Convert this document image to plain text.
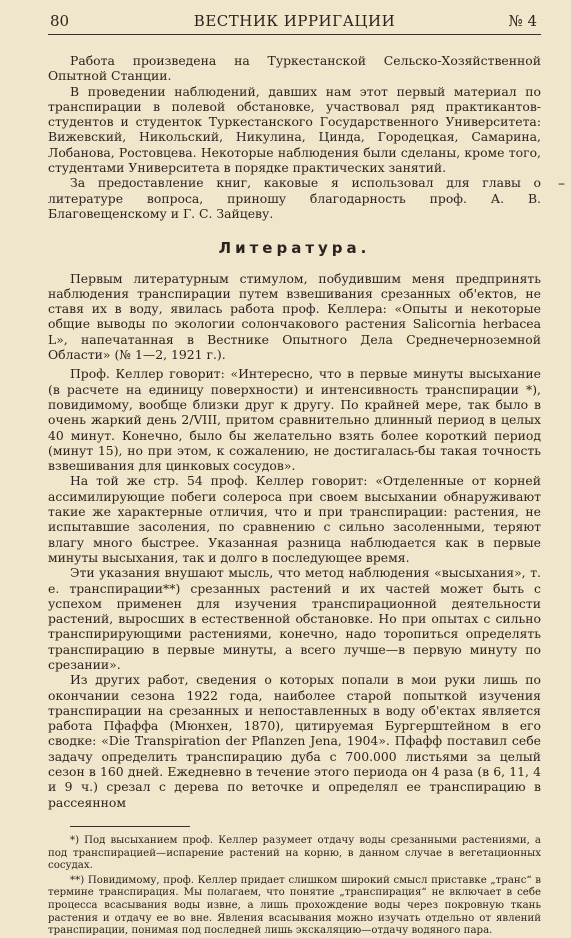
80	ВЕСТНИК ИРРИГАЦИИ	№ 4
–

Работа произведена на Туркестанской Сельско-Хозяйственной Опытной Станции.

В проведении наблюдений, давших нам этот первый материал по транспирации в полевой обстановке, участвовал ряд практикантов-студентов и студенток Туркестанского Государственного Университета: Вижевский, Никольский, Никулина, Цинда, Городецкая, Самарина, Лобанова, Ростовцева. Некоторые наблюдения были сделаны, кроме того, студентами Университета в порядке практических занятий.

За предоставление книг, каковые я использовал для главы о литературе вопроса, приношу благодарность проф. А. В. Благовещенскому и Г. С. Зайцеву.

Литература.

Первым литературным стимулом, побудившим меня предпринять наблюдения транспирации путем взвешивания срезанных об'ектов, не ставя их в воду, явилась работа проф. Келлера: «Опыты и некоторые общие выводы по экологии солончакового растения Salicornia herbacea L», напечатанная в Вестнике Опытного Дела Среднечерноземной Области» (№ 1—2, 1921 г.).

Проф. Келлер говорит: «Интересно, что в первые минуты высыхание (в расчете на единицу поверхности) и интенсивность транспирации *), повидимому, вообще близки друг к другу. По крайней мере, так было в очень жаркий день 2/VIII, притом сравнительно длинный период в целых 40 минут. Конечно, было бы желательно взять более короткий период (минут 15), но при этом, к сожалению, не достигалась-бы такая точность взвешивания для цинковых сосудов».

На той же стр. 54 проф. Келлер говорит: «Отделенные от корней ассимилирующие побеги солероса при своем высыхании обнаруживают такие же характерные отличия, что и при транспирации: растения, не испытавшие засоления, по сравнению с сильно засоленными, теряют влагу много быстрее. Указанная разница наблюдается как в первые минуты высыхания, так и долго в последующее время.

Эти указания внушают мысль, что метод наблюдения «высыхания», т. е. транспирации**) срезанных растений и их частей может быть с успехом применен для изучения транспирационной деятельности растений, выросших в естественной обстановке. Но при опытах с сильно транспирирующими растениями, конечно, надо торопиться определять транспирацию в первые минуты, а всего лучше—в первую минуту по срезании».

Из других работ, сведения о которых попали в мои руки лишь по окончании сезона 1922 года, наиболее старой попыткой изучения транспирации на срезанных и непоставленных в воду об'ектах является работа Пфаффа (Мюнхен, 1870), цитируемая Бургерштейном в его сводке: «Die Transpiration der Pflanzen Jena, 1904». Пфафф поставил себе задачу определить транспирацию дуба с 700.000 листьями за целый сезон в 160 дней. Ежедневно в течение этого периода он 4 раза (в 6, 11, 4 и 9 ч.) срезал с дерева по веточке и определял ее транспирацию в рассеянном

*) Под высыханием проф. Келлер разумеет отдачу воды срезанными растениями, а под транспирацией—испарение растений на корню, в данном случае в вегетационных сосудах.

**) Повидимому, проф. Келлер придает слишком широкий смысл приставке „транс“ в термине транспирация. Мы полагаем, что понятие „транспирация“ не включает в себе процесса всасывания воды извне, а лишь прохождение воды через покровную ткань растения и отдачу ее во вне. Явления всасывания можно изучать отдельно от явлений транспирации, понимая под последней лишь экскаляцию—отдачу водяного пара.
